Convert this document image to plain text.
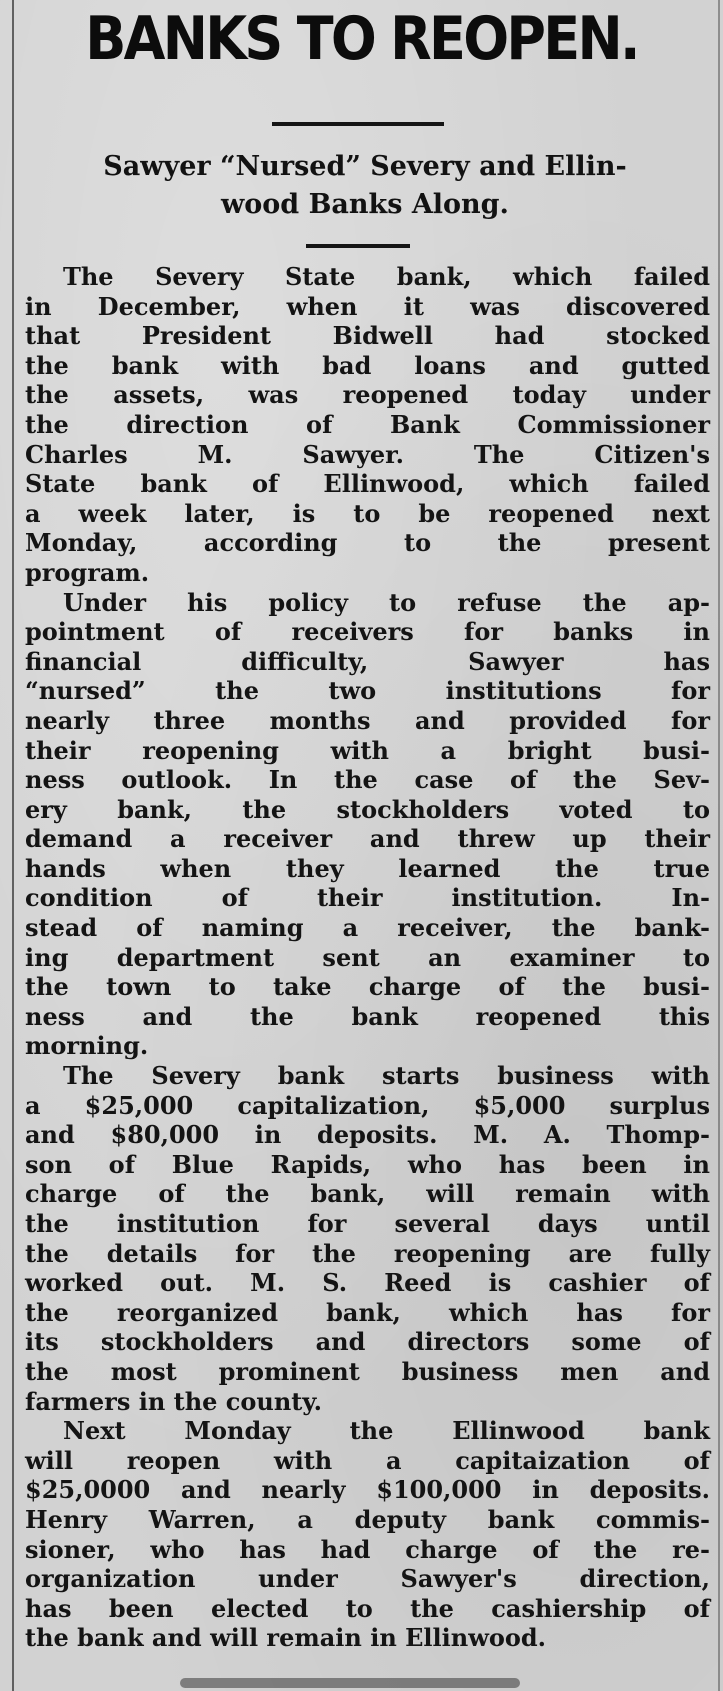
BANKS TO REOPEN.
Sawyer “Nursed” Severy and Ellin-
wood Banks Along.
The Severy State bank, which failed
in December, when it was discovered
that President Bidwell had stocked
the bank with bad loans and gutted
the assets, was reopened today under
the direction of Bank Commissioner
Charles M. Sawyer. The Citizen's
State bank of Ellinwood, which failed
a week later, is to be reopened next
Monday, according to the present
program.
Under his policy to refuse the ap-
pointment of receivers for banks in
financial difficulty, Sawyer has
“nursed” the two institutions for
nearly three months and provided for
their reopening with a bright busi-
ness outlook. In the case of the Sev-
ery bank, the stockholders voted to
demand a receiver and threw up their
hands when they learned the true
condition of their institution. In-
stead of naming a receiver, the bank-
ing department sent an examiner to
the town to take charge of the busi-
ness and the bank reopened this
morning.
The Severy bank starts business with
a $25,000 capitalization, $5,000 surplus
and $80,000 in deposits. M. A. Thomp-
son of Blue Rapids, who has been in
charge of the bank, will remain with
the institution for several days until
the details for the reopening are fully
worked out. M. S. Reed is cashier of
the reorganized bank, which has for
its stockholders and directors some of
the most prominent business men and
farmers in the county.
Next Monday the Ellinwood bank
will reopen with a capitaization of
$25,0000 and nearly $100,000 in deposits.
Henry Warren, a deputy bank commis-
sioner, who has had charge of the re-
organization under Sawyer's direction,
has been elected to the cashiership of
the bank and will remain in Ellinwood.
